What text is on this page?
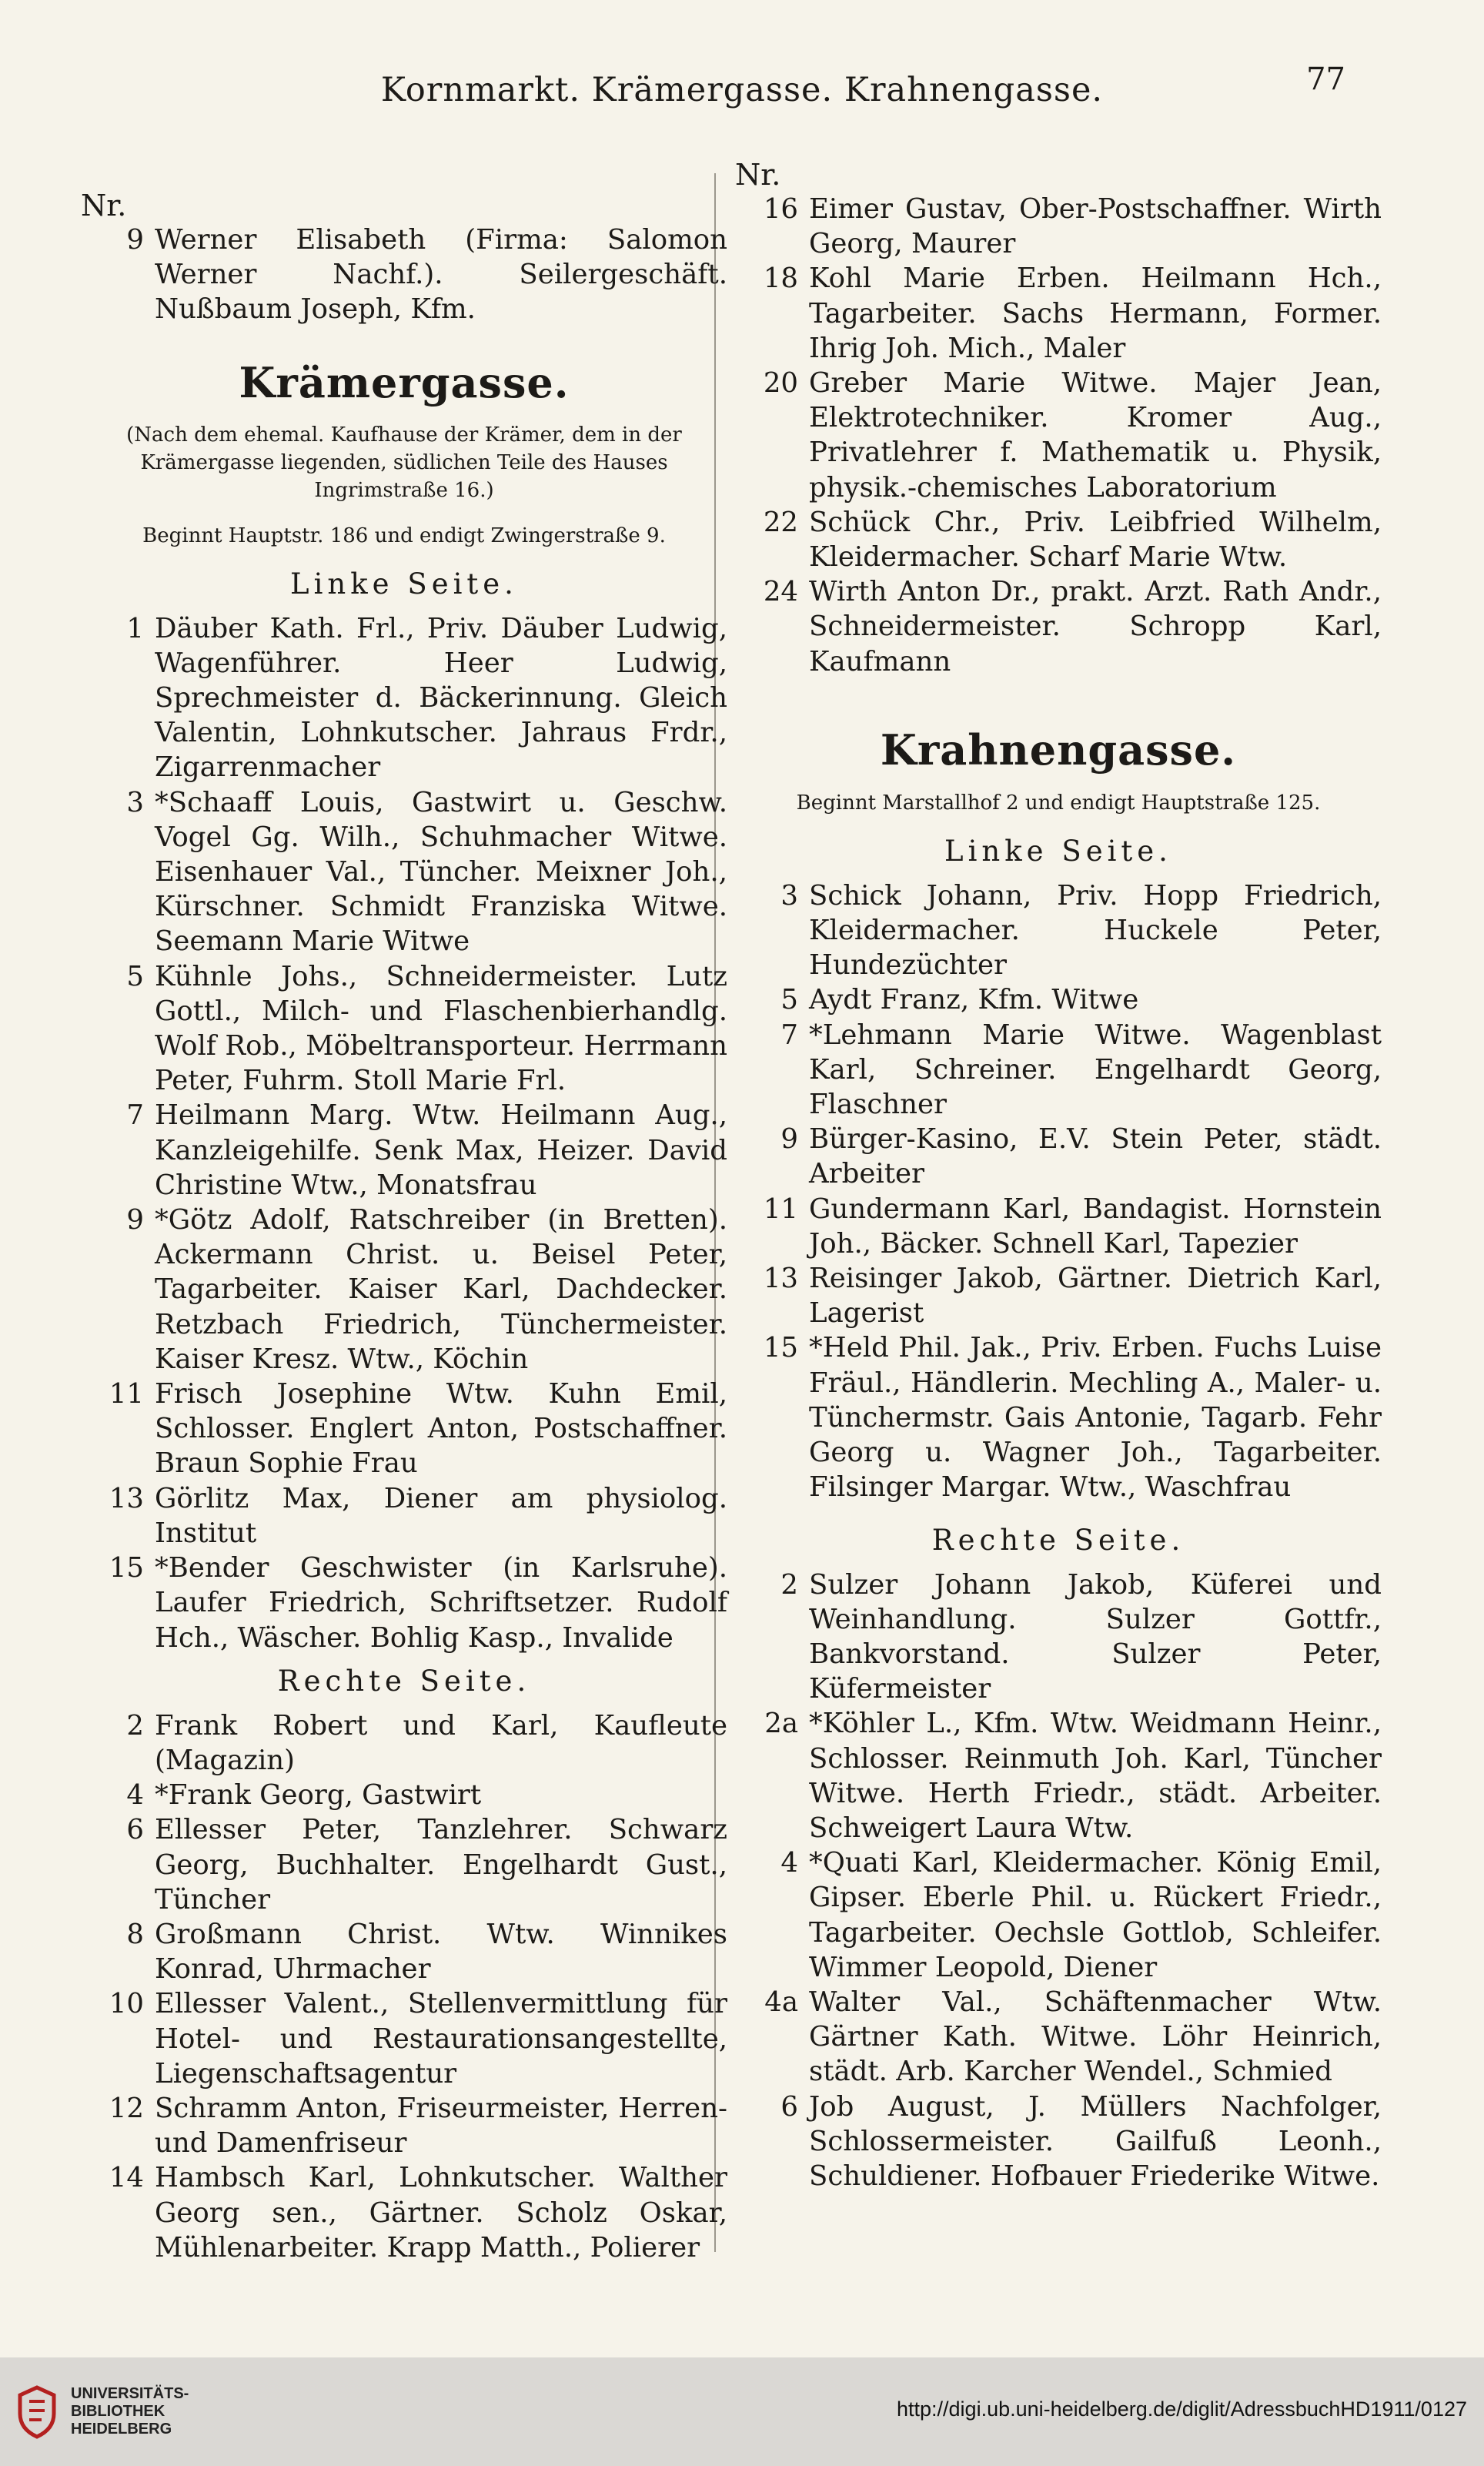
Kornmarkt. Krämergasse. Krahnengasse.	77
Nr.
9 Werner Elisabeth (Firma: Salomon Werner Nachf.). Seilergeschäft. Nußbaum Joseph, Kfm.
Krämergasse.
(Nach dem ehemal. Kaufhause der Krämer, dem in der Krämergasse liegenden, südlichen Teile des Hauses Ingrimstraße 16.)
Beginnt Hauptstr. 186 und endigt Zwingerstraße 9.
Linke Seite.
1 Däuber Kath. Frl., Priv. Däuber Ludwig, Wagenführer. Heer Ludwig, Sprechmeister d. Bäckerinnung. Gleich Valentin, Lohnkutscher. Jahraus Frdr., Zigarrenmacher
3 *Schaaff Louis, Gastwirt u. Geschw. Vogel Gg. Wilh., Schuhmacher Witwe. Eisenhauer Val., Tüncher. Meixner Joh., Kürschner. Schmidt Franziska Witwe. Seemann Marie Witwe
5 Kühnle Johs., Schneidermeister. Lutz Gottl., Milch- und Flaschenbierhandlg. Wolf Rob., Möbeltransporteur. Herrmann Peter, Fuhrm. Stoll Marie Frl.
7 Heilmann Marg. Wtw. Heilmann Aug., Kanzleigehilfe. Senk Max, Heizer. David Christine Wtw., Monatsfrau
9 *Götz Adolf, Ratschreiber (in Bretten). Ackermann Christ. u. Beisel Peter, Tagarbeiter. Kaiser Karl, Dachdecker. Retzbach Friedrich, Tünchermeister. Kaiser Kresz. Wtw., Köchin
11 Frisch Josephine Wtw. Kuhn Emil, Schlosser. Englert Anton, Postschaffner. Braun Sophie Frau
13 Görlitz Max, Diener am physiolog. Institut
15 *Bender Geschwister (in Karlsruhe). Laufer Friedrich, Schriftsetzer. Rudolf Hch., Wäscher. Bohlig Kasp., Invalide
Rechte Seite.
2 Frank Robert und Karl, Kaufleute (Magazin)
4 *Frank Georg, Gastwirt
6 Ellesser Peter, Tanzlehrer. Schwarz Georg, Buchhalter. Engelhardt Gust., Tüncher
8 Großmann Christ. Wtw. Winnikes Konrad, Uhrmacher
10 Ellesser Valent., Stellenvermittlung für Hotel- und Restaurationsangestellte, Liegenschaftsagentur
12 Schramm Anton, Friseurmeister, Herren- und Damenfriseur
14 Hambsch Karl, Lohnkutscher. Walther Georg sen., Gärtner. Scholz Oskar, Mühlenarbeiter. Krapp Matth., Polierer
Nr.
16 Eimer Gustav, Ober-Postschaffner. Wirth Georg, Maurer
18 Kohl Marie Erben. Heilmann Hch., Tagarbeiter. Sachs Hermann, Former. Ihrig Joh. Mich., Maler
20 Greber Marie Witwe. Majer Jean, Elektrotechniker. Kromer Aug., Privatlehrer f. Mathematik u. Physik, physik.-chemisches Laboratorium
22 Schück Chr., Priv. Leibfried Wilhelm, Kleidermacher. Scharf Marie Wtw.
24 Wirth Anton Dr., prakt. Arzt. Rath Andr., Schneidermeister. Schropp Karl, Kaufmann
Krahnengasse.
Beginnt Marstallhof 2 und endigt Hauptstraße 125.
Linke Seite.
3 Schick Johann, Priv. Hopp Friedrich, Kleidermacher. Huckele Peter, Hundezüchter
5 Aydt Franz, Kfm. Witwe
7 *Lehmann Marie Witwe. Wagenblast Karl, Schreiner. Engelhardt Georg, Flaschner
9 Bürger-Kasino, E.V. Stein Peter, städt. Arbeiter
11 Gundermann Karl, Bandagist. Hornstein Joh., Bäcker. Schnell Karl, Tapezier
13 Reisinger Jakob, Gärtner. Dietrich Karl, Lagerist
15 *Held Phil. Jak., Priv. Erben. Fuchs Luise Fräul., Händlerin. Mechling A., Maler- u. Tünchermstr. Gais Antonie, Tagarb. Fehr Georg u. Wagner Joh., Tagarbeiter. Filsinger Margar. Wtw., Waschfrau
Rechte Seite.
2 Sulzer Johann Jakob, Küferei und Weinhandlung. Sulzer Gottfr., Bankvorstand. Sulzer Peter, Küfermeister
2a *Köhler L., Kfm. Wtw. Weidmann Heinr., Schlosser. Reinmuth Joh. Karl, Tüncher Witwe. Herth Friedr., städt. Arbeiter. Schweigert Laura Wtw.
4 *Quati Karl, Kleidermacher. König Emil, Gipser. Eberle Phil. u. Rückert Friedr., Tagarbeiter. Oechsle Gottlob, Schleifer. Wimmer Leopold, Diener
4a Walter Val., Schäftenmacher Wtw. Gärtner Kath. Witwe. Löhr Heinrich, städt. Arb. Karcher Wendel., Schmied
6 Job August, J. Müllers Nachfolger, Schlossermeister. Gailfuß Leonh., Schuldiener. Hofbauer Friederike Witwe.
UNIVERSITÄTS-
BIBLIOTHEK
HEIDELBERG
http://digi.ub.uni-heidelberg.de/diglit/AdressbuchHD1911/0127
